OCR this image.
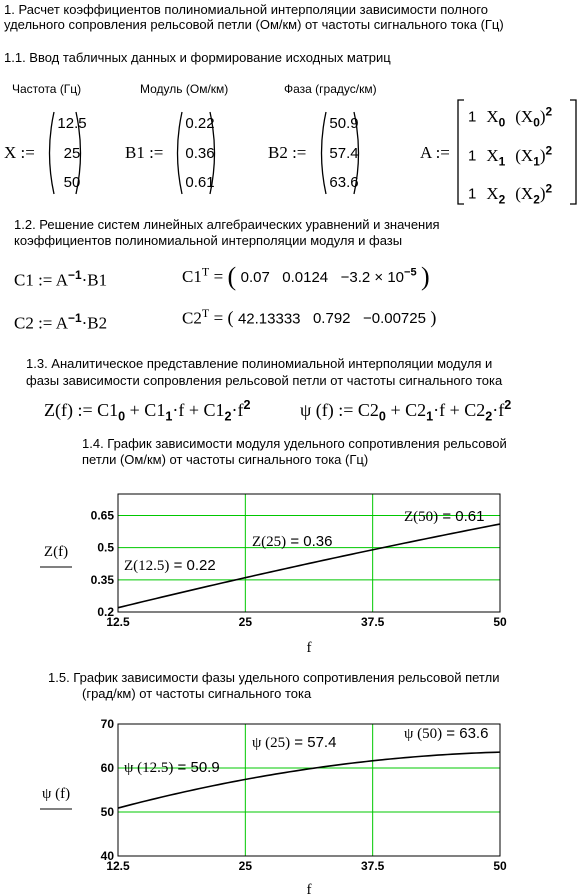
1. Расчет коэффициентов полиномиальной интерполяции зависимости полного
удельного сопровления рельсовой петли (Ом/км) от частоты сигнального тока (Гц)
1.1. Ввод табличных данных и формирование исходных матриц
Частота (Гц)	Модуль (Ом/км)	Фаза (градус/км)
X :=
12.5
25
50
B1 :=
0.22
0.36
0.61
B2 :=
50.9
57.4
63.6
A :=
1 $X_0$ $(X_0)^2$
1 $X_1$ $(X_1)^2$
1 $X_2$ $(X_2)^2$
1.2. Решение систем линейных алгебраических уравнений и значения
коэффициентов полиномиальной интерполяции модуля и фазы
C1 := $A^{-1}\cdot B1$
C2 := $A^{-1}\cdot B2$
$C1^T$ = ( 0.07 $0.0124 -3.2 \times 10^{-5}$ )
$C2^T$ = ( 42.13333 0.792 −0.00725 )
1.3. Аналитическое представление полиномиальной интерполяции модуля и
фазы зависимости сопровления рельсовой петли от частоты сигнального тока
Z(f) := $C1_0 + C1_1\cdot f + C1_2\cdot f^2$	ψ (f) := $C2_0 + C2_1\cdot f + C2_2\cdot f^2$
1.4. График зависимости модуля удельного сопротивления рельсовой
петли (Ом/км) от частоты сигнального тока (Гц)
12.5	25	37.5	50
0.2
0.35
0.5
0.65
Z(f)
f
Z(12.5) = 0.22
Z(25) = 0.36
Z(50) = 0.61
1.5. График зависимости фазы удельного сопротивления рельсовой петли
(град/км) от частоты сигнального тока
12.5	25	37.5	50
40
50
60
70
ψ (f)
f
ψ (12.5) = 50.9
ψ (25) = 57.4	ψ (50) = 63.6
